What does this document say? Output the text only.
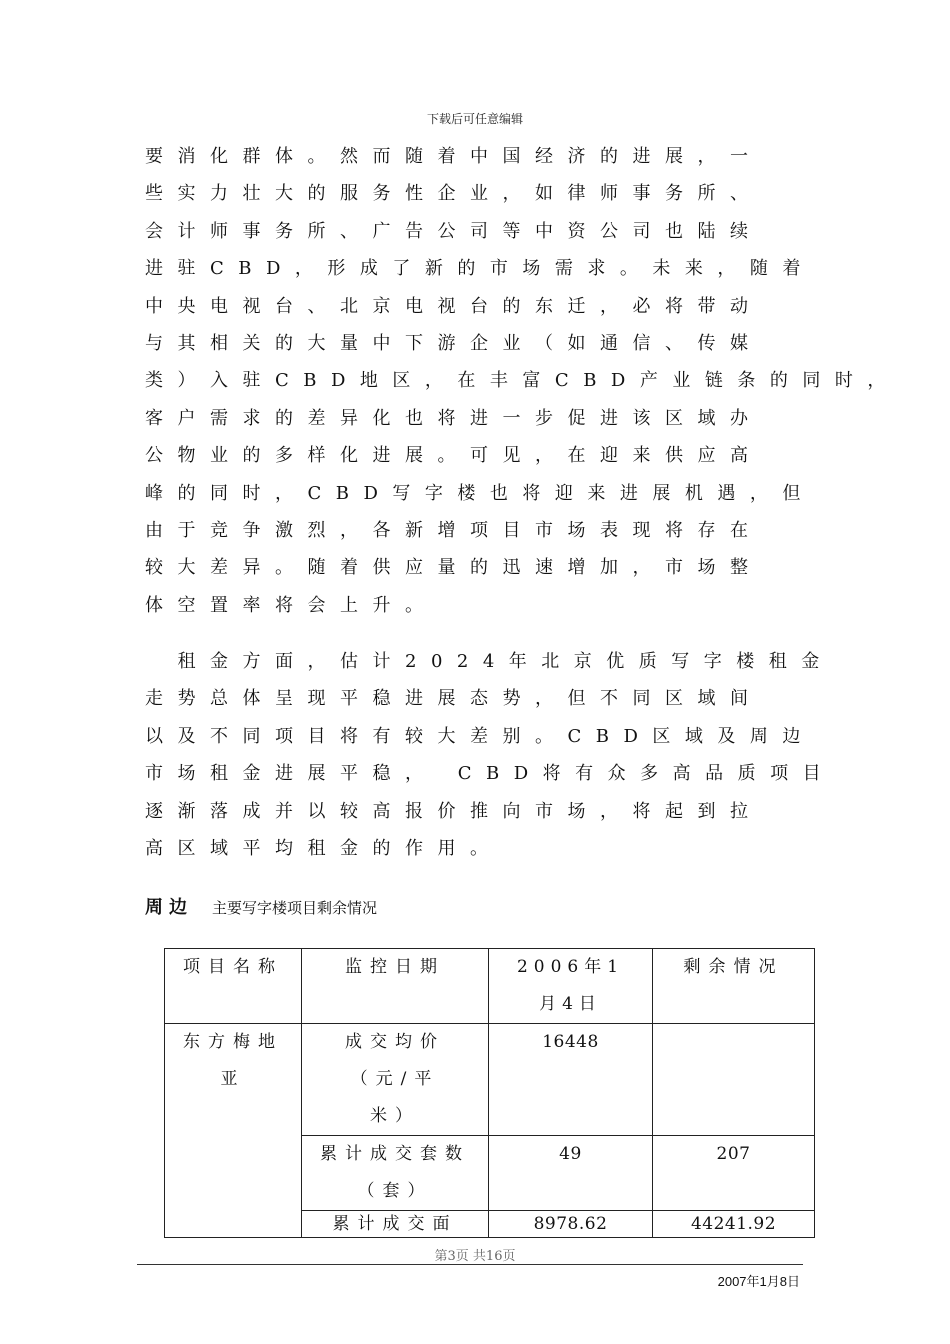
下载后可任意编辑
要消化群体。然而随着中国经济的进展，一
些实力壮大的服务性企业，如律师事务所、
会计师事务所、广告公司等中资公司也陆续
进驻CBD，形成了新的市场需求。未来，随着
中央电视台、北京电视台的东迁，必将带动
与其相关的大量中下游企业（如通信、传媒
类）入驻CBD地区，在丰富CBD产业链条的同时，
客户需求的差异化也将进一步促进该区域办
公物业的多样化进展。可见，在迎来供应高
峰的同时，CBD写字楼也将迎来进展机遇，但
由于竞争激烈，各新增项目市场表现将存在
较大差异。随着供应量的迅速增加，市场整
体空置率将会上升。
　租金方面，估计2024年北京优质写字楼租金
走势总体呈现平稳进展态势，但不同区域间
以及不同项目将有较大差别。CBD区域及周边
市场租金进展平稳， CBD将有众多高品质项目
逐渐落成并以较高报价推向市场，将起到拉
高区域平均租金的作用。
周边 主要写字楼项目剩余情况
项目名称	监控日期	2006年1月4日	剩余情况

东方梅地亚	成交均价（元/平米）	16448	

	累计成交套数（套）	49	207

	累计成交面	8978.62	44241.92
第3页 共16页
2007年1月8日
